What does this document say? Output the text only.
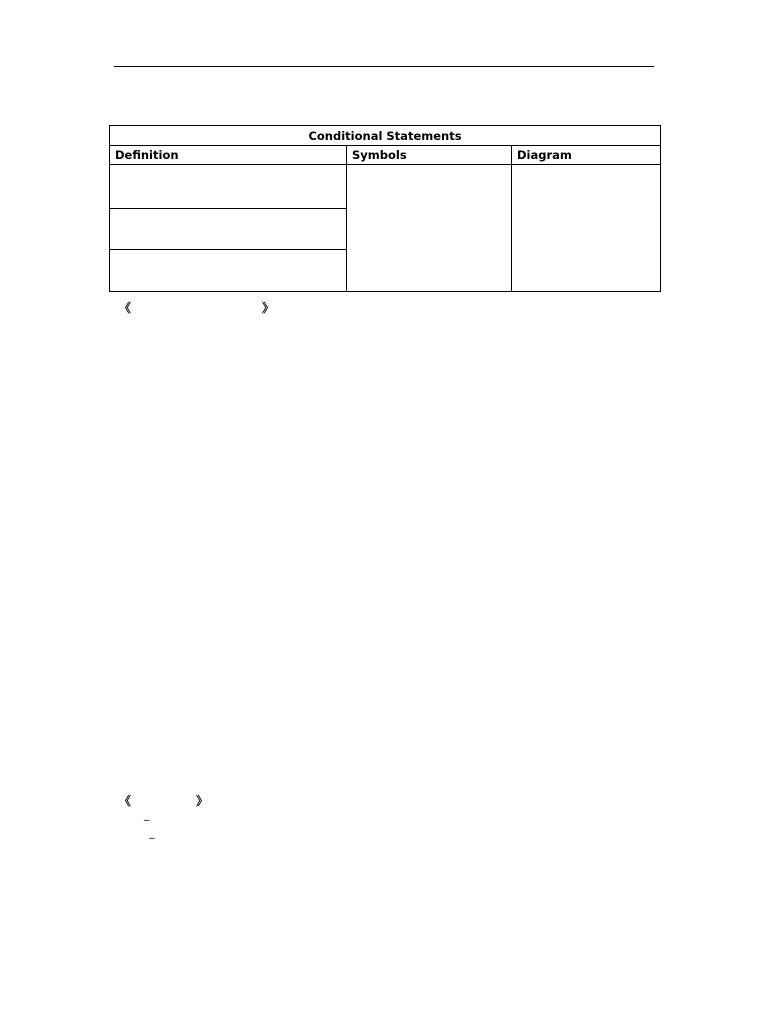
Conditional Statements		
Definition	Symbols	Diagram

《	》
《	》
_
_
